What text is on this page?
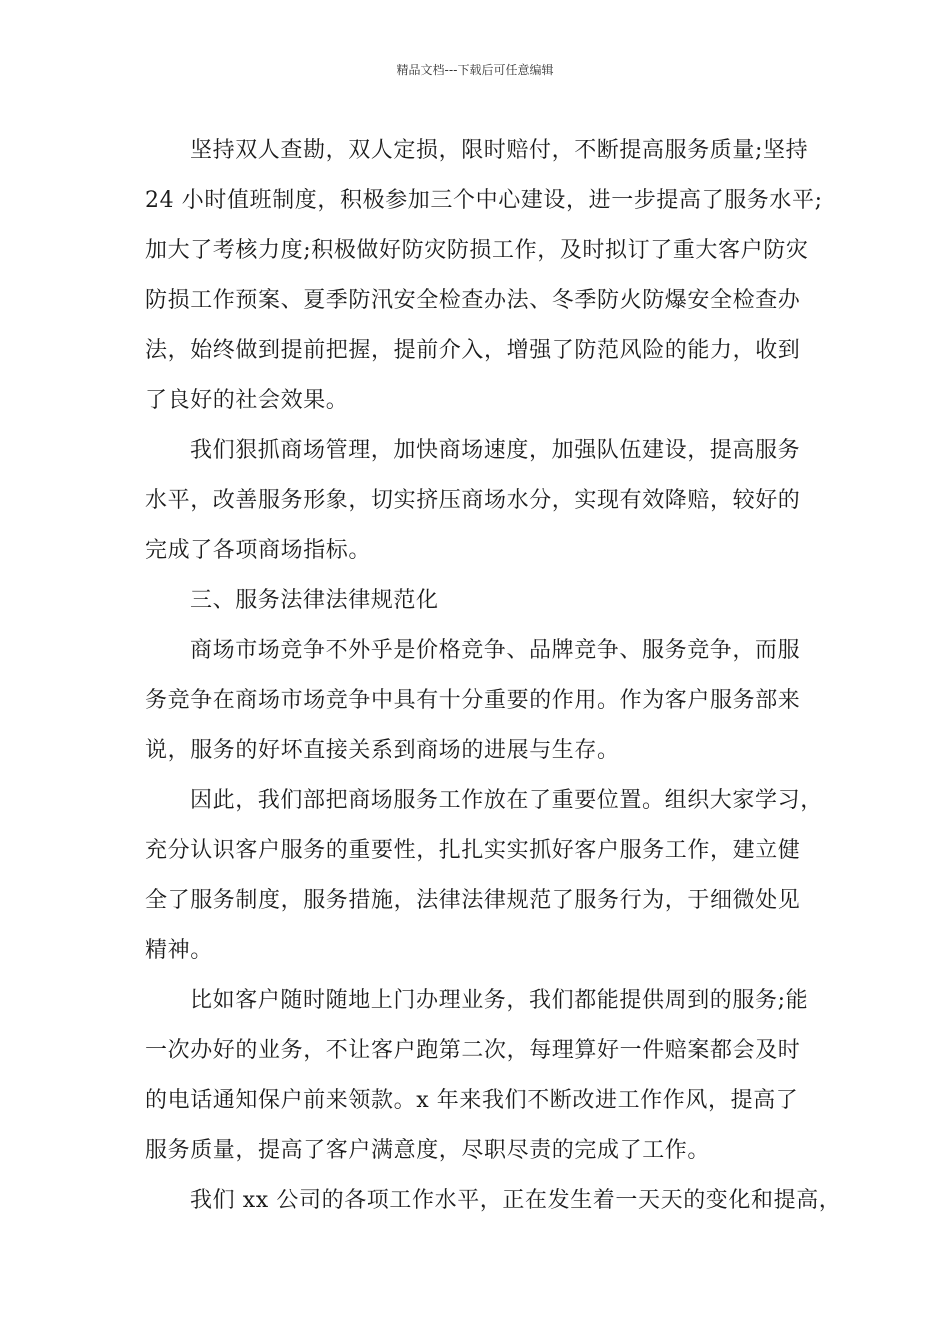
精品文档---下载后可任意编辑
坚持双人查勘，双人定损，限时赔付，不断提高服务质量;坚持
24 小时值班制度，积极参加三个中心建设，进一步提高了服务水平;
加大了考核力度;积极做好防灾防损工作，及时拟订了重大客户防灾
防损工作预案、夏季防汛安全检查办法、冬季防火防爆安全检查办
法，始终做到提前把握，提前介入，增强了防范风险的能力，收到
了良好的社会效果。
我们狠抓商场管理，加快商场速度，加强队伍建设，提高服务
水平，改善服务形象，切实挤压商场水分，实现有效降赔，较好的
完成了各项商场指标。
三、服务法律法律规范化
商场市场竞争不外乎是价格竞争、品牌竞争、服务竞争，而服
务竞争在商场市场竞争中具有十分重要的作用。作为客户服务部来
说，服务的好坏直接关系到商场的进展与生存。
因此，我们部把商场服务工作放在了重要位置。组织大家学习，
充分认识客户服务的重要性，扎扎实实抓好客户服务工作，建立健
全了服务制度，服务措施，法律法律规范了服务行为，于细微处见
精神。
比如客户随时随地上门办理业务，我们都能提供周到的服务;能
一次办好的业务，不让客户跑第二次，每理算好一件赔案都会及时
的电话通知保户前来领款。x 年来我们不断改进工作作风，提高了
服务质量，提高了客户满意度，尽职尽责的完成了工作。
我们 xx 公司的各项工作水平，正在发生着一天天的变化和提高，
